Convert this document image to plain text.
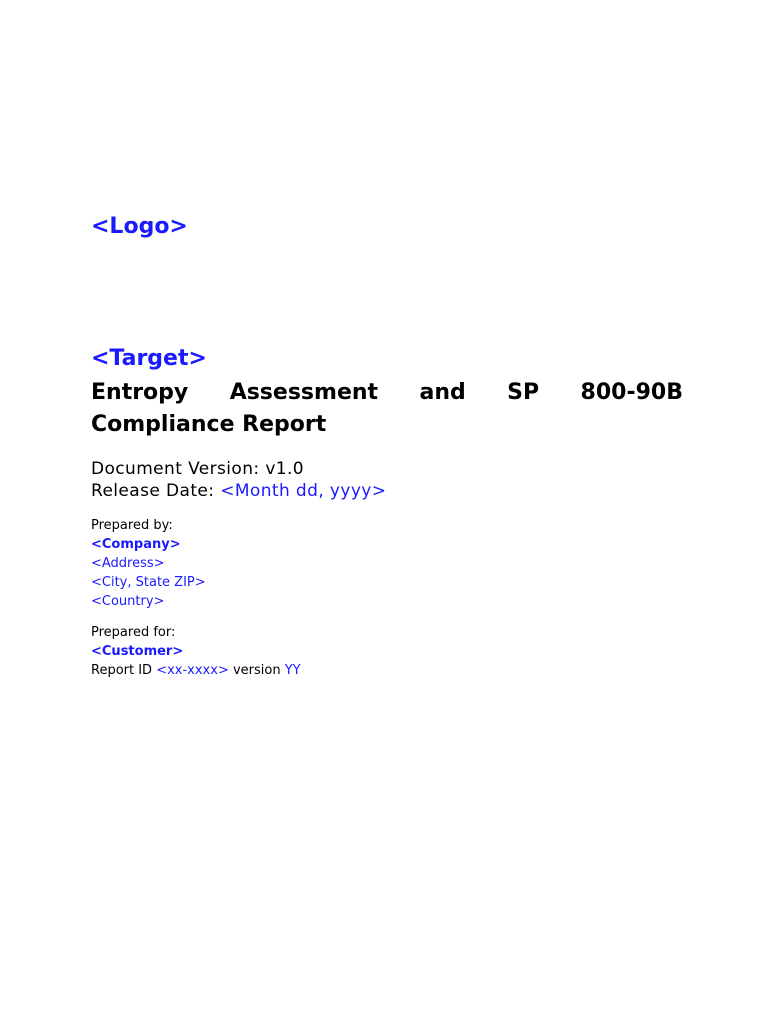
<Logo>
<Target>
Entropy Assessment and SP 800-90B
Compliance Report
Document Version: v1.0
Release Date: <Month dd, yyyy>
Prepared by:
<Company>
<Address>
<City, State ZIP>
<Country>
Prepared for:
<Customer>
Report ID <xx-xxxx> version YY
